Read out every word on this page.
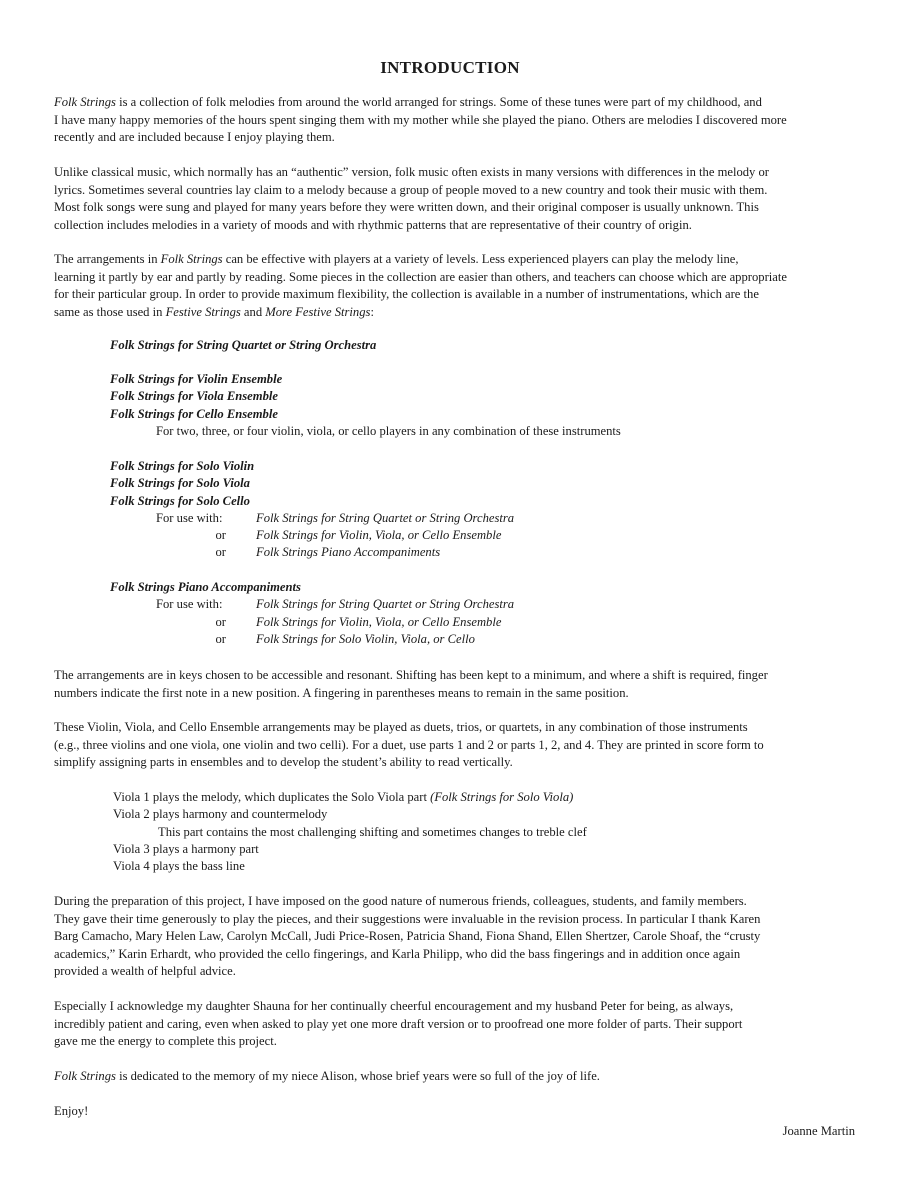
INTRODUCTION
Folk Strings is a collection of folk melodies from around the world arranged for strings. Some of these tunes were part of my childhood, and
I have many happy memories of the hours spent singing them with my mother while she played the piano. Others are melodies I discovered more
recently and are included because I enjoy playing them.
Unlike classical music, which normally has an “authentic” version, folk music often exists in many versions with differences in the melody or
lyrics. Sometimes several countries lay claim to a melody because a group of people moved to a new country and took their music with them.
Most folk songs were sung and played for many years before they were written down, and their original composer is usually unknown. This
collection includes melodies in a variety of moods and with rhythmic patterns that are representative of their country of origin.
The arrangements in Folk Strings can be effective with players at a variety of levels. Less experienced players can play the melody line,
learning it partly by ear and partly by reading. Some pieces in the collection are easier than others, and teachers can choose which are appropriate
for their particular group. In order to provide maximum flexibility, the collection is available in a number of instrumentations, which are the
same as those used in Festive Strings and More Festive Strings:
Folk Strings for String Quartet or String Orchestra
Folk Strings for Violin Ensemble
Folk Strings for Viola Ensemble
Folk Strings for Cello Ensemble
For two, three, or four violin, viola, or cello players in any combination of these instruments
Folk Strings for Solo Violin
Folk Strings for Solo Viola
Folk Strings for Solo Cello
For use with:	Folk Strings for String Quartet or String Orchestra
or Folk Strings for Violin, Viola, or Cello Ensemble
or Folk Strings Piano Accompaniments
Folk Strings Piano Accompaniments
For use with:	Folk Strings for String Quartet or String Orchestra
or Folk Strings for Violin, Viola, or Cello Ensemble
or Folk Strings for Solo Violin, Viola, or Cello
The arrangements are in keys chosen to be accessible and resonant. Shifting has been kept to a minimum, and where a shift is required, finger
numbers indicate the first note in a new position. A fingering in parentheses means to remain in the same position.
These Violin, Viola, and Cello Ensemble arrangements may be played as duets, trios, or quartets, in any combination of those instruments
(e.g., three violins and one viola, one violin and two celli). For a duet, use parts 1 and 2 or parts 1, 2, and 4. They are printed in score form to
simplify assigning parts in ensembles and to develop the student’s ability to read vertically.
Viola 1 plays the melody, which duplicates the Solo Viola part (Folk Strings for Solo Viola)
Viola 2 plays harmony and countermelody
This part contains the most challenging shifting and sometimes changes to treble clef
Viola 3 plays a harmony part
Viola 4 plays the bass line
During the preparation of this project, I have imposed on the good nature of numerous friends, colleagues, students, and family members.
They gave their time generously to play the pieces, and their suggestions were invaluable in the revision process. In particular I thank Karen
Barg Camacho, Mary Helen Law, Carolyn McCall, Judi Price-Rosen, Patricia Shand, Fiona Shand, Ellen Shertzer, Carole Shoaf, the “crusty
academics,” Karin Erhardt, who provided the cello fingerings, and Karla Philipp, who did the bass fingerings and in addition once again
provided a wealth of helpful advice.
Especially I acknowledge my daughter Shauna for her continually cheerful encouragement and my husband Peter for being, as always,
incredibly patient and caring, even when asked to play yet one more draft version or to proofread one more folder of parts. Their support
gave me the energy to complete this project.
Folk Strings is dedicated to the memory of my niece Alison, whose brief years were so full of the joy of life.
Enjoy!
Joanne Martin
